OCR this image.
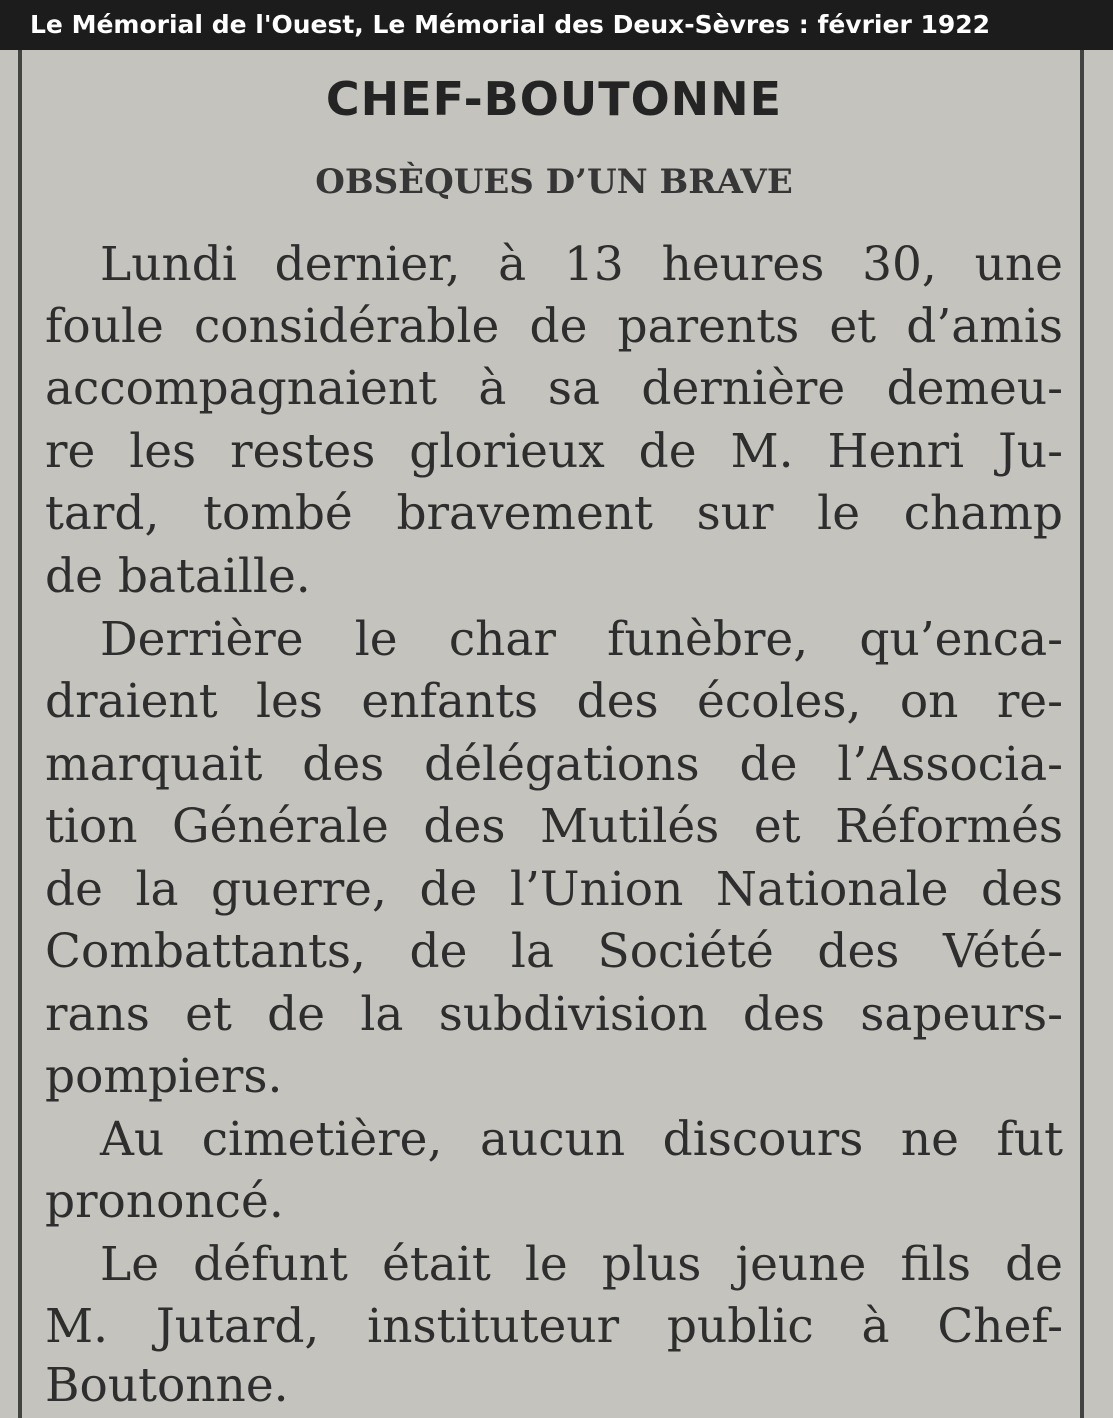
Le Mémorial de l'Ouest, Le Mémorial des Deux-Sèvres : février 1922
CHEF-BOUTONNE
OBSÈQUES D’UN BRAVE
Lundi dernier, à 13 heures 30, une
foule considérable de parents et d’amis
accompagnaient à sa dernière demeu-
re les restes glorieux de M. Henri Ju-
tard, tombé bravement sur le champ
de bataille.
Derrière le char funèbre, qu’enca-
draient les enfants des écoles, on re-
marquait des délégations de l’Associa-
tion Générale des Mutilés et Réformés
de la guerre, de l’Union Nationale des
Combattants, de la Société des Vété-
rans et de la subdivision des sapeurs-
pompiers.
Au cimetière, aucun discours ne fut
prononcé.
Le défunt était le plus jeune fils de
M. Jutard, instituteur public à Chef-
Boutonne.
